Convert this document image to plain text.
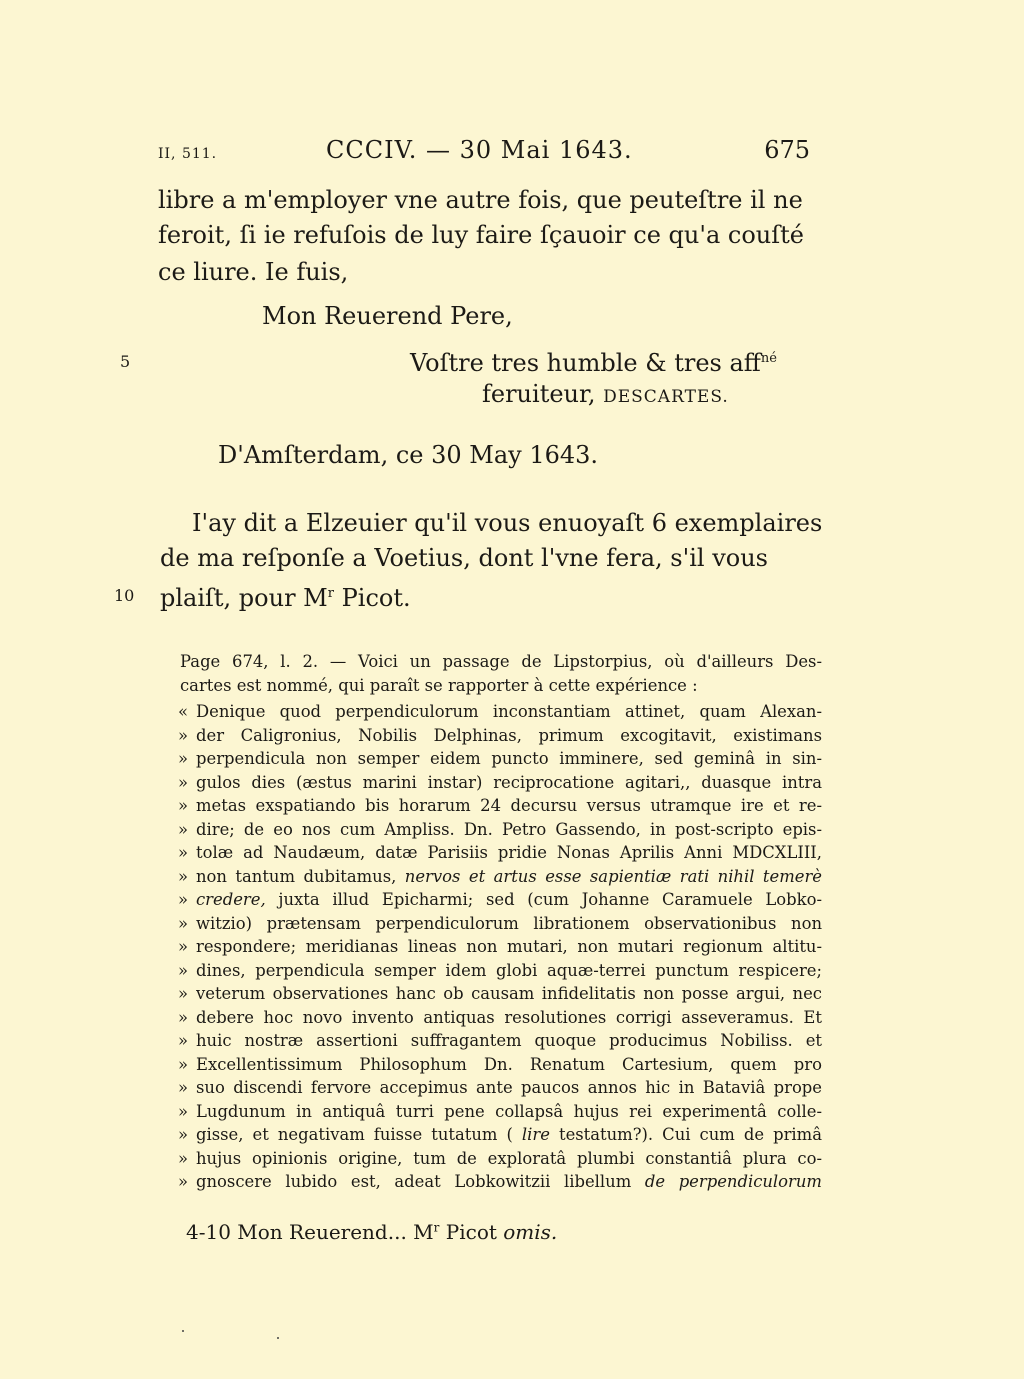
II, 511.	CCCIV. — 30 Mai 1643.	675
libre a m'employer vne autre fois, que peuteſtre il ne
feroit, ſi ie refuſois de luy faire ſçauoir ce qu'a couſté
ce liure. Ie fuis,
Mon Reuerend Pere,
Voſtre tres humble & tres aff$^{né}$
feruiteur, DESCARTES.
D'Amſterdam, ce 30 May 1643.
I'ay dit a Elzeuier qu'il vous enuoyaſt 6 exemplaires
de ma reſponſe a Voetius, dont l'vne fera, s'il vous
plaiſt, pour $M^r$ Picot.
5
10
Page 674, l. 2. — Voici un passage de Lipstorpius, où d'ailleurs Des-
cartes est nommé, qui paraît se rapporter à cette expérience :
« Denique quod perpendiculorum inconstantiam attinet, quam Alexan-
» der Caligronius, Nobilis Delphinas, primum excogitavit, existimans
» perpendicula non semper eidem puncto imminere, sed geminâ in sin-
» gulos dies (æstus marini instar) reciprocatione agitari,, duasque intra
» metas exspatiando bis horarum 24 decursu versus utramque ire et re-
» dire; de eo nos cum Ampliss. Dn. Petro Gassendo, in post-scripto epis-
» tolæ ad Naudæum, datæ Parisiis pridie Nonas Aprilis Anni MDCXLIII,
» non tantum dubitamus, nervos et artus esse sapientiæ rati nihil temerè
» credere, juxta illud Epicharmi; sed (cum Johanne Caramuele Lobko-
» witzio) prætensam perpendiculorum librationem observationibus non
» respondere; meridianas lineas non mutari, non mutari regionum altitu-
» dines, perpendicula semper idem globi aquæ-terrei punctum respicere;
» veterum observationes hanc ob causam infidelitatis non posse argui, nec
» debere hoc novo invento antiquas resolutiones corrigi asseveramus. Et
» huic nostræ assertioni suffragantem quoque producimus Nobiliss. et
» Excellentissimum Philosophum Dn. Renatum Cartesium, quem pro
» suo discendi fervore accepimus ante paucos annos hic in Bataviâ prope
» Lugdunum in antiquâ turri pene collapsâ hujus rei experimentâ colle-
» gisse, et negativam fuisse tutatum ( lire testatum?). Cui cum de primâ
» hujus opinionis origine, tum de exploratâ plumbi constantiâ plura co-
» gnoscere lubido est, adeat Lobkowitzii libellum de perpendiculorum
4-10 Mon Reuerend... $M^r$ Picot omis.
